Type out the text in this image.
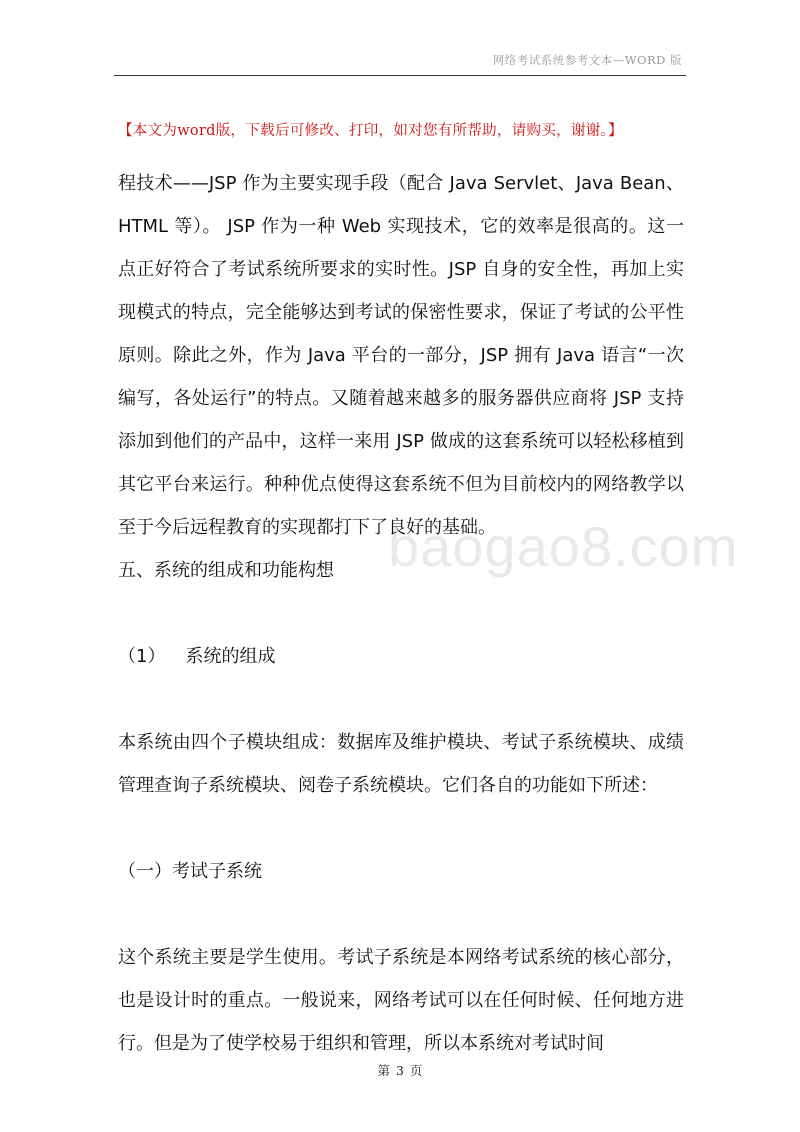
网络考试系统参考文本—WORD 版
【本文为word版，下载后可修改、打印，如对您有所帮助，请购买，谢谢。】
baogao8.com

程技术——JSP 作为主要实现手段（配合 Java Servlet、Java Bean、HTML 等）。 JSP 作为一种 Web 实现技术，它的效率是很高的。这一点正好符合了考试系统所要求的实时性。JSP 自身的安全性，再加上实现模式的特点，完全能够达到考试的保密性要求，保证了考试的公平性原则。除此之外，作为 Java 平台的一部分，JSP 拥有 Java 语言“一次编写，各处运行”的特点。又随着越来越多的服务器供应商将 JSP 支持添加到他们的产品中，这样一来用 JSP 做成的这套系统可以轻松移植到其它平台来运行。种种优点使得这套系统不但为目前校内的网络教学以至于今后远程教育的实现都打下了良好的基础。

五、系统的组成和功能构想

（1） 系统的组成

本系统由四个子模块组成：数据库及维护模块、考试子系统模块、成绩管理查询子系统模块、阅卷子系统模块。它们各自的功能如下所述：

（一）考试子系统

这个系统主要是学生使用。考试子系统是本网络考试系统的核心部分，也是设计时的重点。一般说来，网络考试可以在任何时候、任何地方进行。但是为了使学校易于组织和管理，所以本系统对考试时间

第 3 页
